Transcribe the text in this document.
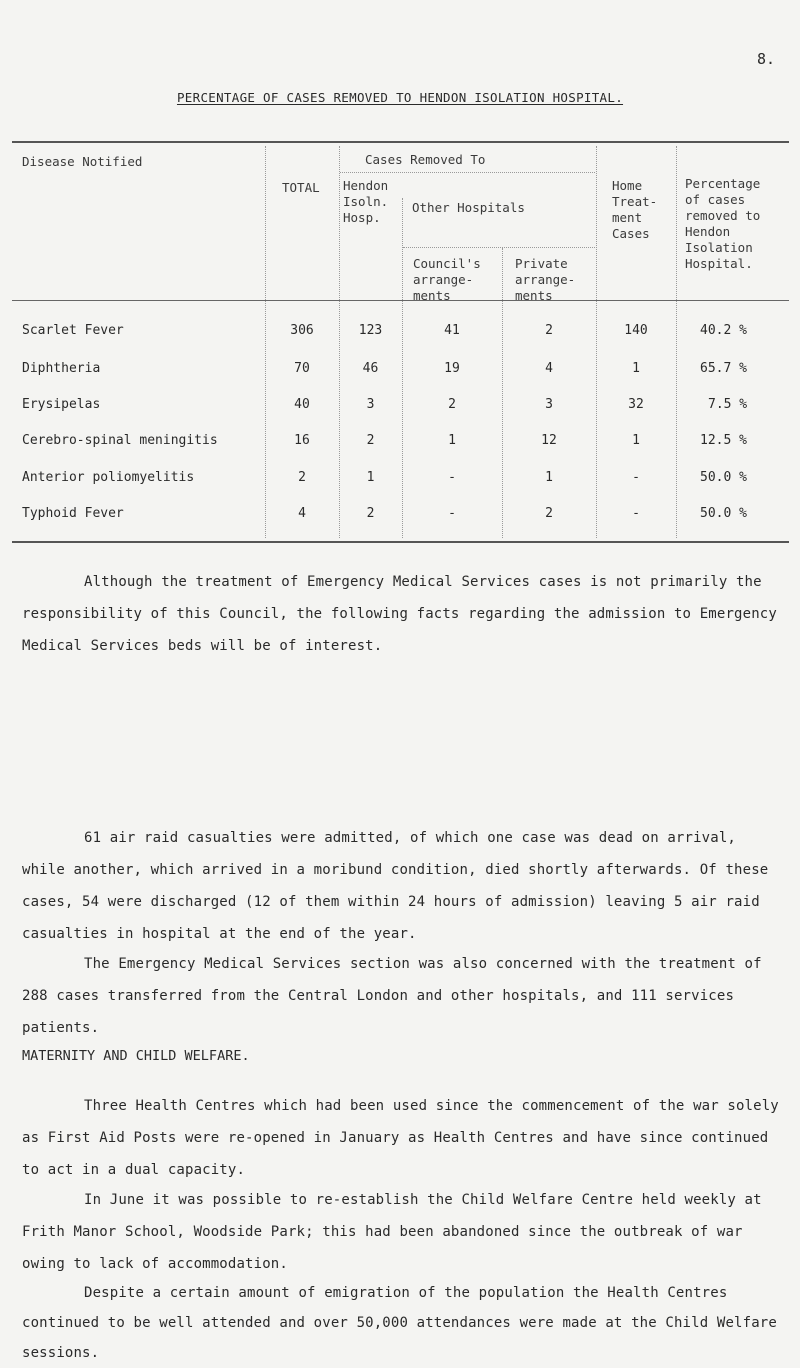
8.
PERCENTAGE OF CASES REMOVED TO HENDON ISOLATION HOSPITAL.
Disease Notified
TOTAL
Cases Removed To
Hendon
Isoln.
Hosp.
Other Hospitals
Council's
arrange-
ments
Private
arrange-
ments
Home
Treat-
ment
Cases
Percentage
of cases
removed to
Hendon
Isolation
Hospital.
Scarlet Fever	306	123	41	2	140	40.2 %
Diphtheria	70	46	19	4	1	65.7 %
Erysipelas	40	3	2	3	32	7.5 %
Cerebro-spinal meningitis	16	2	1	12	1	12.5 %
Anterior poliomyelitis	2	1	-	1	-	50.0 %
Typhoid Fever	4	2	-	2	-	50.0 %
Although the treatment of Emergency Medical Services cases is not primarily the responsibility of this Council, the following facts regarding the admission to Emergency Medical Services beds will be of interest.
61 air raid casualties were admitted, of which one case was dead on arrival, while another, which arrived in a moribund condition, died shortly afterwards. Of these cases, 54 were discharged (12 of them within 24 hours of admission) leaving 5 air raid casualties in hospital at the end of the year.
The Emergency Medical Services section was also concerned with the treatment of 288 cases transferred from the Central London and other hospitals, and 111 services patients.
MATERNITY AND CHILD WELFARE.
Three Health Centres which had been used since the commencement of the war solely as First Aid Posts were re-opened in January as Health Centres and have since continued to act in a dual capacity.
In June it was possible to re-establish the Child Welfare Centre held weekly at Frith Manor School, Woodside Park; this had been abandoned since the outbreak of war owing to lack of accommodation.
Despite a certain amount of emigration of the population the Health Centres continued to be well attended and over 50,000 attendances were made at the Child Welfare sessions.
